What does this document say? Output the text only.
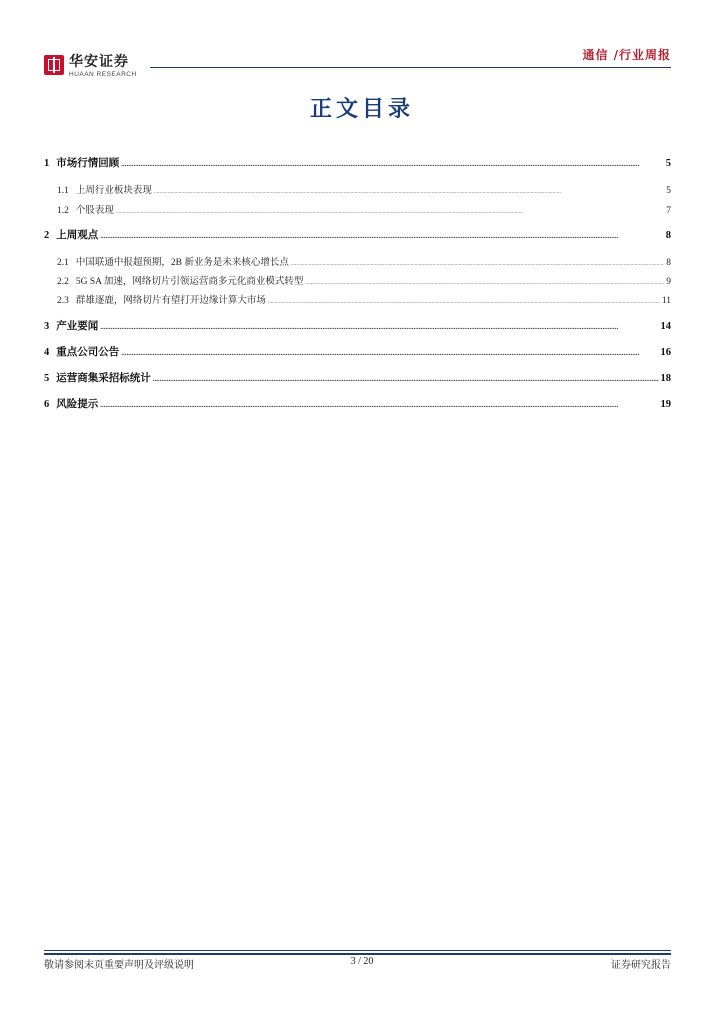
华安证券
HUAAN RESEARCH
通信 /行业周报
正文目录
1 市场行情回顾 .....	5
1.1 上周行业板块表现 .....	5
1.2 个股表现 .....	7
2 上周观点 .....	8
2.1 中国联通中报超预期，2B 新业务是未来核心增长点 .....	8
2.2 5G SA 加速，网络切片引领运营商多元化商业模式转型 .....	9
2.3 群雄逐鹿，网络切片有望打开边缘计算大市场 .....	11
3 产业要闻 .....	14
4 重点公司公告 .....	16
5 运营商集采招标统计 .....	18
6 风险提示 .....	19
敬请参阅末页重要声明及评级说明	3 / 20	证券研究报告
